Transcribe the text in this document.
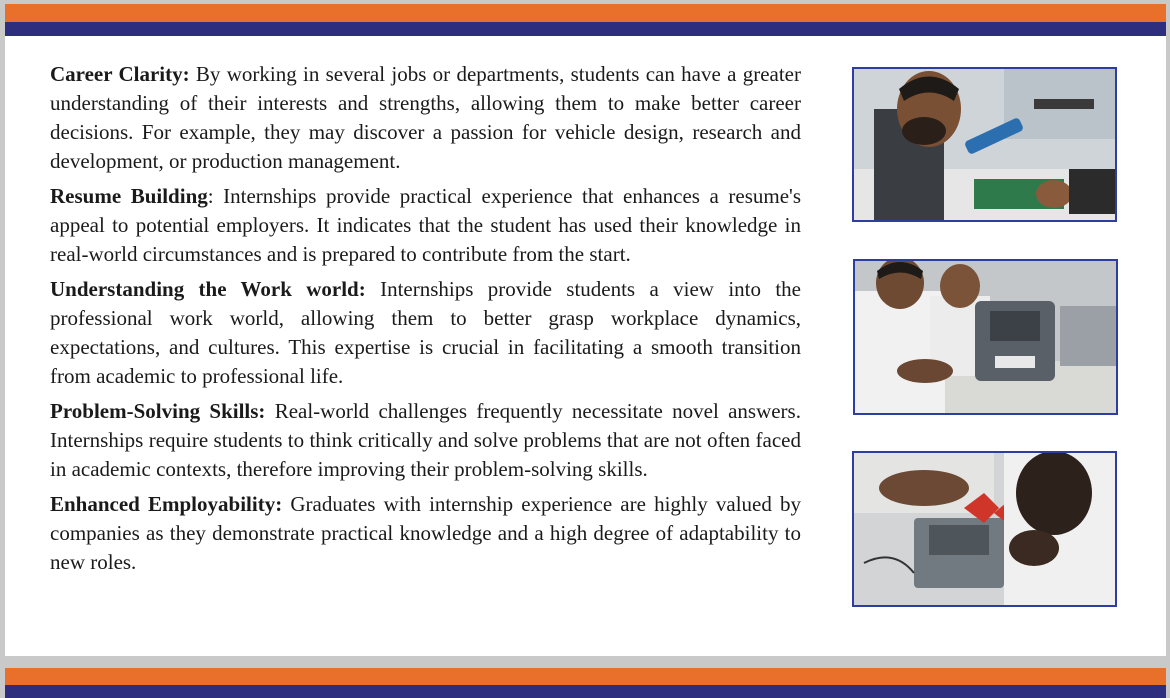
Career Clarity: By working in several jobs or departments, students can have a greater understanding of their interests and strengths, allowing them to make better career decisions. For example, they may discover a passion for vehicle design, research and development, or production management.

Resume Building: Internships provide practical experience that enhances a resume's appeal to potential employers. It indicates that the student has used their knowledge in real-world circumstances and is prepared to contribute from the start.

Understanding the Work world: Internships provide students a view into the professional work world, allowing them to better grasp workplace dynamics, expectations, and cultures. This expertise is crucial in facilitating a smooth transition from academic to professional life.

Problem-Solving Skills: Real-world challenges frequently necessitate novel answers. Internships require students to think critically and solve problems that are not often faced in academic contexts, therefore improving their problem-solving skills.

Enhanced Employability: Graduates with internship experience are highly valued by companies as they demonstrate practical knowledge and a high degree of adaptability to new roles.
